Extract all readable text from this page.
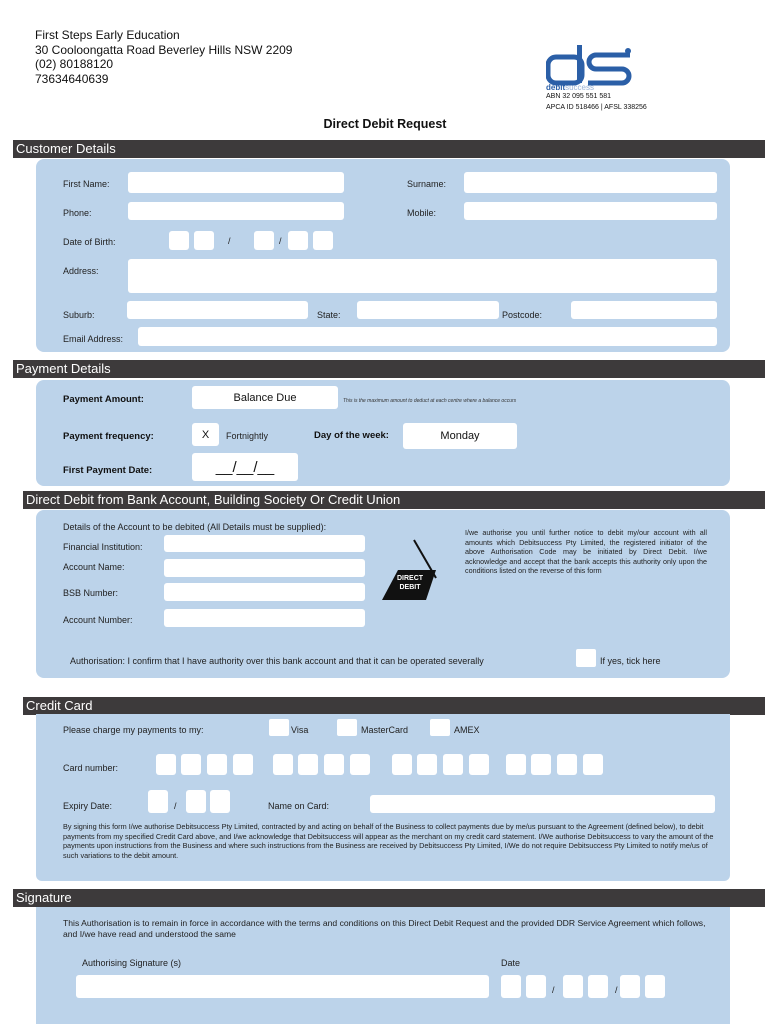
First Steps Early Education
30 Cooloongatta Road Beverley Hills NSW 2209
(02) 80188120
73634640639
debitsuccess
ABN 32 095 551 581
APCA ID 518466 | AFSL 338256
Direct Debit Request
Customer Details
First Name:	Surname:
Phone:	Mobile:
Date of Birth:	/	/
Address:
Suburb:	State:	Postcode:
Email Address:
Payment Details
Payment Amount:	Balance Due	This is the maximum amount to deduct at each centre where a balance occurs
Payment frequency:	X	Fortnightly	Day of the week:	Monday
First Payment Date:	__/__/__
Direct Debit from Bank Account, Building Society Or Credit Union
Details of the Account to be debited (All Details must be supplied):
Financial Institution:
Account Name:
BSB Number:
Account Number:
DIRECT
DEBIT
I/we authorise you until further notice to debit my/our account with all amounts which Debitsuccess Pty Limited, the registered initiator of the above Authorisation Code may be initiated by Direct Debit. I/we acknowledge and accept that the bank accepts this authority only upon the conditions listed on the reverse of this form
Authorisation: I confirm that I have authority over this bank account and that it can be operated severally	If yes, tick here
Credit Card
Please charge my payments to my:	Visa	MasterCard	AMEX
Card number:
Expiry Date:	/	Name on Card:
By signing this form I/we authorise Debitsuccess Pty Limited, contracted by and acting on behalf of the Business to collect payments due by me/us pursuant to the Agreement (defined below), to debit payments from my specified Credit Card above, and I/we acknowledge that Debitsuccess will appear as the merchant on my credit card statement. I/We authorise Debitsuccess to vary the amount of the payments upon instructions from the Business and where such instructions from the Business are received by Debitsuccess Pty Limited, I/We do not require Debitsuccess Pty Limited to notify me/us of such variations to the debit amount.
Signature
This Authorisation is to remain in force in accordance with the terms and conditions on this Direct Debit Request and the provided DDR Service Agreement which follows, and I/we have read and understood the same
Authorising Signature (s)	Date
/	/
